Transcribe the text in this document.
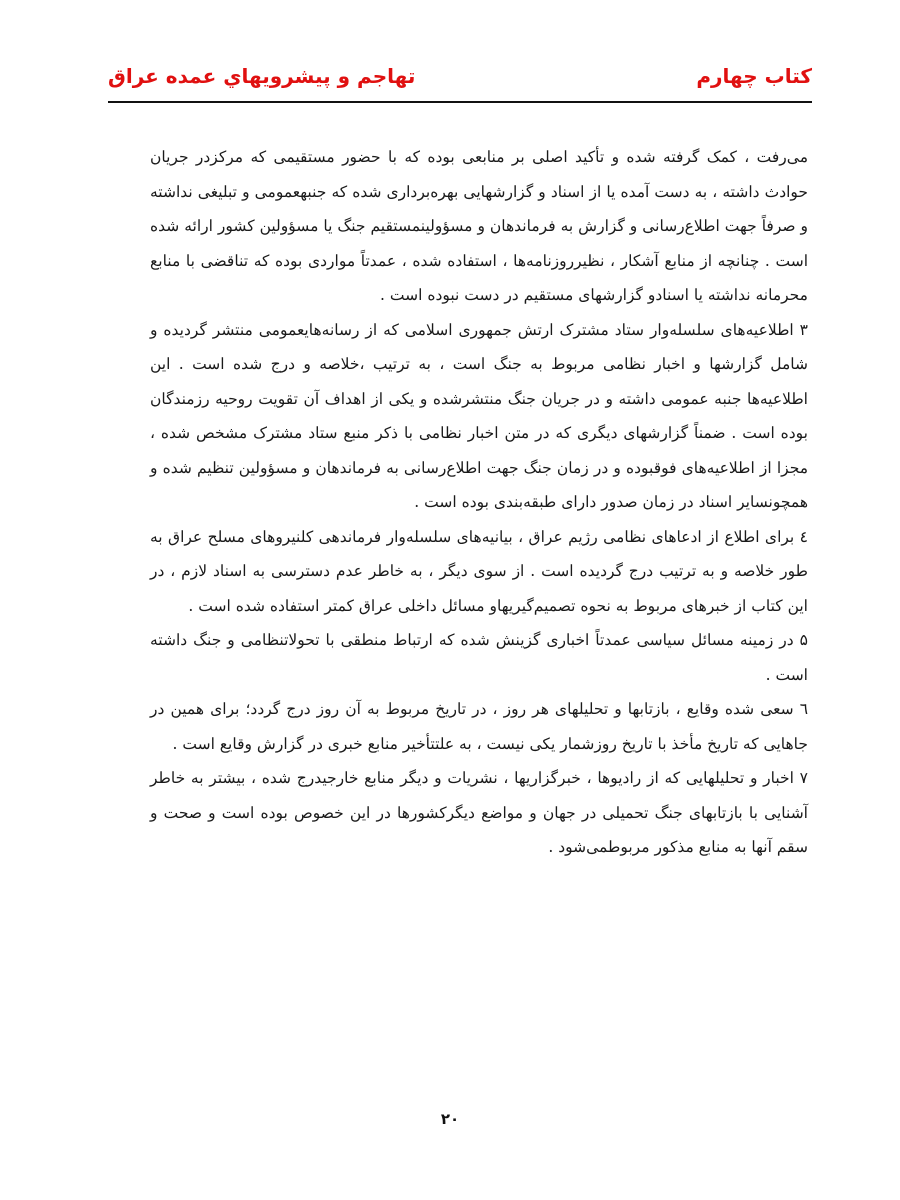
كتاب چهارم
تهاجم و پيشرويهاي عمده عراق

می‌رفت ، کمک گرفته شده و تأکید اصلی بر منابعی بوده که با حضور مستقیمی که مرکزدر جریان حوادث داشته ، به دست آمده یا از اسناد و گزارشهایی بهره‌برداری شده که جنبهعمومی و تبلیغی نداشته و صرفاً جهت اطلاع‌رسانی و گزارش به فرماندهان و مسؤولینمستقیم جنگ یا مسؤولین کشور ارائه شده است . چنانچه از منابع آشکار ، نظیرروزنامه‌ها ، استفاده شده ، عمدتاً مواردی بوده که تناقضی با منابع محرمانه نداشته یا اسنادو گزارشهای مستقیم در دست نبوده است .

۳ اطلاعیه‌های سلسله‌وار ستاد مشترک ارتش جمهوری اسلامی که از رسانه‌هایعمومی منتشر گردیده و شامل گزارشها و اخبار نظامی مربوط به جنگ است ، به ترتیب ،خلاصه و درج شده است . این اطلاعیه‌ها جنبه عمومی داشته و در جریان جنگ منتشرشده و یکی از اهداف آن تقویت روحیه رزمندگان بوده است . ضمناً گزارشهای دیگری که در متن اخبار نظامی با ذکر منبع ستاد مشترک مشخص شده ، مجزا از اطلاعیه‌های فوقبوده و در زمان جنگ جهت اطلاع‌رسانی به فرماندهان و مسؤولین تنظیم شده و همچونسایر اسناد در زمان صدور دارای طبقه‌بندی بوده است .

٤ برای اطلاع از ادعاهای نظامی رژیم عراق ، بیانیه‌های سلسله‌وار فرماندهی کلنیروهای مسلح عراق به طور خلاصه و به ترتیب درج گردیده است . از سوی دیگر ، به خاطر عدم دسترسی به اسناد لازم ، در این کتاب از خبرهای مربوط به نحوه تصمیم‌گیریهاو مسائل داخلی عراق کمتر استفاده شده است .

۵ در زمینه مسائل سیاسی عمدتاً اخباری گزینش شده که ارتباط منطقی با تحولاتنظامی و جنگ داشته است .

٦ سعی شده وقایع ، بازتابها و تحلیلهای هر روز ، در تاریخ مربوط به آن روز درج گردد؛ برای همین در جاهایی که تاریخ مأخذ با تاریخ روزشمار یکی نیست ، به علتتأخیر منابع خبری در گزارش وقایع است .

۷ اخبار و تحلیلهایی که از رادیوها ، خبرگزاریها ، نشریات و دیگر منابع خارجیدرج شده ، بیشتر به خاطر آشنایی با بازتابهای جنگ تحمیلی در جهان و مواضع دیگرکشورها در این خصوص بوده است و صحت و سقم آنها به منابع مذکور مربوطمی‌شود .

۲۰
